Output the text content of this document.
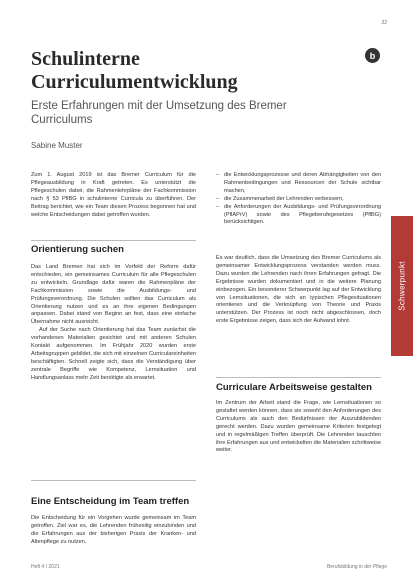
22
b
Schulinterne Curriculumentwicklung
Erste Erfahrungen mit der Umsetzung des Bremer Curriculums
Sabine Muster

Zum 1. August 2019 ist das Bremer Curriculum für die Pflegeausbildung in Kraft getreten. Es unterstützt die Pflegeschulen dabei, die Rahmenlehrpläne der Fachkommission nach § 53 PflBG in schulinterne Curricula zu überführen. Der Beitrag berichtet, wie ein Team diesen Prozess begonnen hat und welche Entscheidungen dabei getroffen wurden.

Orientierung suchen

Das Land Bremen hat sich im Vorfeld der Reform dafür entschieden, ein gemeinsames Curriculum für alle Pflegeschulen zu entwickeln. Grundlage dafür waren die Rahmenpläne der Fachkommission sowie die Ausbildungs- und Prüfungsverordnung. Die Schulen sollten das Curriculum als Orientierung nutzen und es an ihre eigenen Bedingungen anpassen. Dabei stand von Beginn an fest, dass eine einfache Übernahme nicht ausreicht.

Auf der Suche nach Orientierung hat das Team zunächst die vorhandenen Materialien gesichtet und mit anderen Schulen Kontakt aufgenommen. Im Frühjahr 2020 wurden erste Arbeitsgruppen gebildet, die sich mit einzelnen Curriculareinheiten beschäftigten. Schnell zeigte sich, dass die Verständigung über zentrale Begriffe wie Kompetenz, Lernsituation und Handlungsanlass mehr Zeit benötigte als erwartet.

Eine Entscheidung im Team treffen

Die Entscheidung für ein Vorgehen wurde gemeinsam im Team getroffen. Ziel war es, die Lehrenden frühzeitig einzubinden und die Erfahrungen aus der bisherigen Praxis der Kranken- und Altenpflege zu nutzen.

– die Entwicklungsprozesse und deren Abhängigkeiten von den Rahmenbedingungen und Ressourcen der Schule sichtbar machen,
– die Zusammenarbeit der Lehrenden verbessern,
– die Anforderungen der Ausbildungs- und Prüfungsverordnung (PflAPrV) sowie des Pflegeberufegesetzes (PflBG) berücksichtigen.

Es war deutlich, dass die Umsetzung des Bremer Curriculums als gemeinsamer Entwicklungsprozess verstanden werden muss. Dazu wurden die Lehrenden nach ihren Erfahrungen gefragt. Die Ergebnisse wurden dokumentiert und in die weitere Planung einbezogen. Ein besonderer Schwerpunkt lag auf der Entwicklung von Lernsituationen, die sich an typischen Pflegesituationen orientieren und die Verknüpfung von Theorie und Praxis unterstützen. Der Prozess ist noch nicht abgeschlossen, doch erste Ergebnisse zeigen, dass sich der Aufwand lohnt.

Curriculare Arbeitsweise gestalten

Im Zentrum der Arbeit stand die Frage, wie Lernsituationen so gestaltet werden können, dass sie sowohl den Anforderungen des Curriculums als auch den Bedürfnissen der Auszubildenden gerecht werden. Dazu wurden gemeinsame Kriterien festgelegt und in regelmäßigen Treffen überprüft. Die Lehrenden tauschten ihre Erfahrungen aus und entwickelten die Materialien schrittweise weiter.

Schwerpunkt
Heft 4 / 2021	Berufsbildung in der Pflege
